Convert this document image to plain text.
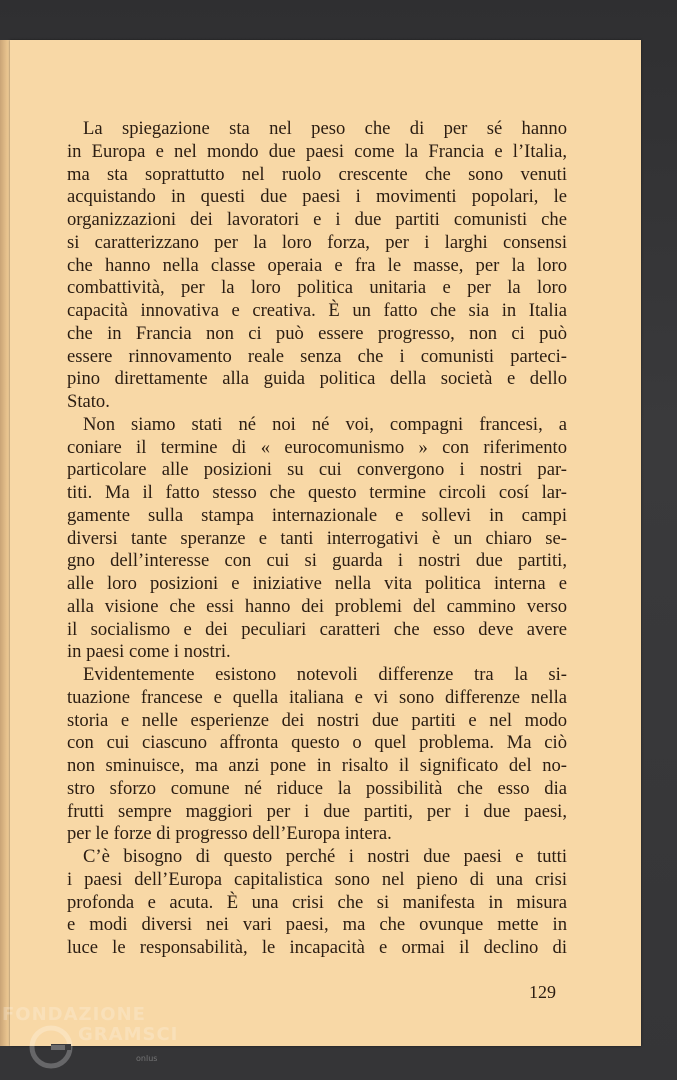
La spiegazione sta nel peso che di per sé hanno
in Europa e nel mondo due paesi come la Francia e l’Italia,
ma sta soprattutto nel ruolo crescente che sono venuti
acquistando in questi due paesi i movimenti popolari, le
organizzazioni dei lavoratori e i due partiti comunisti che
si caratterizzano per la loro forza, per i larghi consensi
che hanno nella classe operaia e fra le masse, per la loro
combattività, per la loro politica unitaria e per la loro
capacità innovativa e creativa. È un fatto che sia in Italia
che in Francia non ci può essere progresso, non ci può
essere rinnovamento reale senza che i comunisti parteci-
pino direttamente alla guida politica della società e dello
Stato.
Non siamo stati né noi né voi, compagni francesi, a
coniare il termine di « eurocomunismo » con riferimento
particolare alle posizioni su cui convergono i nostri par-
titi. Ma il fatto stesso che questo termine circoli cosí lar-
gamente sulla stampa internazionale e sollevi in campi
diversi tante speranze e tanti interrogativi è un chiaro se-
gno dell’interesse con cui si guarda i nostri due partiti,
alle loro posizioni e iniziative nella vita politica interna e
alla visione che essi hanno dei problemi del cammino verso
il socialismo e dei peculiari caratteri che esso deve avere
in paesi come i nostri.
Evidentemente esistono notevoli differenze tra la si-
tuazione francese e quella italiana e vi sono differenze nella
storia e nelle esperienze dei nostri due partiti e nel modo
con cui ciascuno affronta questo o quel problema. Ma ciò
non sminuisce, ma anzi pone in risalto il significato del no-
stro sforzo comune né riduce la possibilità che esso dia
frutti sempre maggiori per i due partiti, per i due paesi,
per le forze di progresso dell’Europa intera.
C’è bisogno di questo perché i nostri due paesi e tutti
i paesi dell’Europa capitalistica sono nel pieno di una crisi
profonda e acuta. È una crisi che si manifesta in misura
e modi diversi nei vari paesi, ma che ovunque mette in
luce le responsabilità, le incapacità e ormai il declino di
129
FONDAZIONE
GRAMSCI
onlus
